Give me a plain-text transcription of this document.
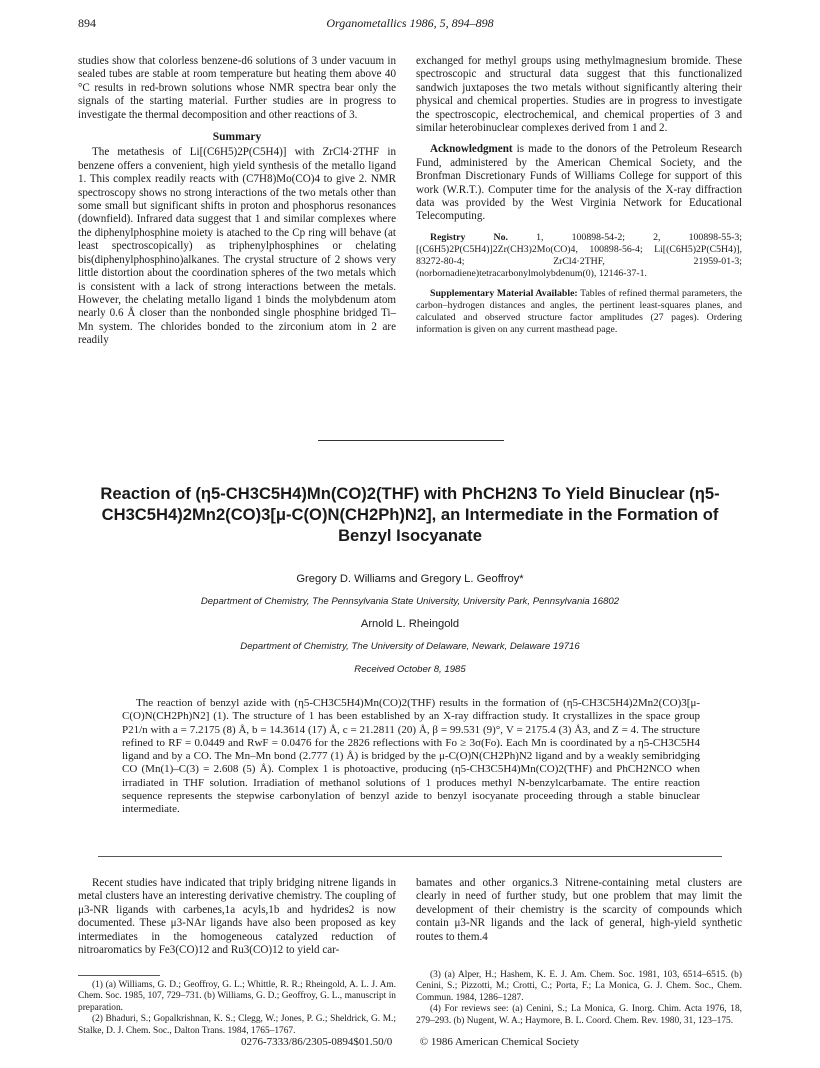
894	Organometallics 1986, 5, 894–898

studies show that colorless benzene-d6 solutions of 3 under vacuum in sealed tubes are stable at room temperature but heating them above 40 °C results in red-brown solutions whose NMR spectra bear only the signals of the starting material. Further studies are in progress to investigate the thermal decomposition and other reactions of 3.

Summary

The metathesis of Li[(C6H5)2P(C5H4)] with ZrCl4·2THF in benzene offers a convenient, high yield synthesis of the metallo ligand 1. This complex readily reacts with (C7H8)Mo(CO)4 to give 2. NMR spectroscopy shows no strong interactions of the two metals other than some small but significant shifts in proton and phosphorus resonances (downfield). Infrared data suggest that 1 and similar complexes where the diphenylphosphine moiety is atached to the Cp ring will behave (at least spectroscopically) as triphenylphosphines or chelating bis(diphenylphosphino)alkanes. The crystal structure of 2 shows very little distortion about the coordination spheres of the two metals which is consistent with a lack of strong interactions between the metals. However, the chelating metallo ligand 1 binds the molybdenum atom nearly 0.6 Å closer than the nonbonded single phosphine bridged Ti–Mn system. The chlorides bonded to the zirconium atom in 2 are readily

exchanged for methyl groups using methylmagnesium bromide. These spectroscopic and structural data suggest that this functionalized sandwich juxtaposes the two metals without significantly altering their physical and chemical properties. Studies are in progress to investigate the spectroscopic, electrochemical, and chemical properties of 3 and similar heterobinuclear complexes derived from 1 and 2.

Acknowledgment is made to the donors of the Petroleum Research Fund, administered by the American Chemical Society, and the Bronfman Discretionary Funds of Williams College for support of this work (W.R.T.). Computer time for the analysis of the X-ray diffraction data was provided by the West Virginia Network for Educational Telecomputing.

Registry No. 1, 100898-54-2; 2, 100898-55-3; [(C6H5)2P(C5H4)]2Zr(CH3)2Mo(CO)4, 100898-56-4; Li[(C6H5)2P(C5H4)], 83272-80-4; ZrCl4·2THF, 21959-01-3; (norbornadiene)tetracarbonylmolybdenum(0), 12146-37-1.

Supplementary Material Available: Tables of refined thermal parameters, the carbon–hydrogen distances and angles, the pertinent least-squares planes, and calculated and observed structure factor amplitudes (27 pages). Ordering information is given on any current masthead page.

Reaction of (η5-CH3C5H4)Mn(CO)2(THF) with PhCH2N3 To Yield Binuclear (η5-CH3C5H4)2Mn2(CO)3[μ-C(O)N(CH2Ph)N2], an Intermediate in the Formation of Benzyl Isocyanate
Gregory D. Williams and Gregory L. Geoffroy*
Department of Chemistry, The Pennsylvania State University, University Park, Pennsylvania 16802
Arnold L. Rheingold
Department of Chemistry, The University of Delaware, Newark, Delaware 19716
Received October 8, 1985

The reaction of benzyl azide with (η5-CH3C5H4)Mn(CO)2(THF) results in the formation of (η5-CH3C5H4)2Mn2(CO)3[μ-C(O)N(CH2Ph)N2] (1). The structure of 1 has been established by an X-ray diffraction study. It crystallizes in the space group P21/n with a = 7.2175 (8) Å, b = 14.3614 (17) Å, c = 21.2811 (20) Å, β = 99.531 (9)°, V = 2175.4 (3) Å3, and Z = 4. The structure refined to RF = 0.0449 and RwF = 0.0476 for the 2826 reflections with Fo ≥ 3σ(Fo). Each Mn is coordinated by a η5-CH3C5H4 ligand and by a CO. The Mn–Mn bond (2.777 (1) Å) is bridged by the μ-C(O)N(CH2Ph)N2 ligand and by a weakly semibridging CO (Mn(1)–C(3) = 2.608 (5) Å). Complex 1 is photoactive, producing (η5-CH3C5H4)Mn(CO)2(THF) and PhCH2NCO when irradiated in THF solution. Irradiation of methanol solutions of 1 produces methyl N-benzylcarbamate. The entire reaction sequence represents the stepwise carbonylation of benzyl azide to benzyl isocyanate proceeding through a stable binuclear intermediate.

Recent studies have indicated that triply bridging nitrene ligands in metal clusters have an interesting derivative chemistry. The coupling of μ3-NR ligands with carbenes,1a acyls,1b and hydrides2 is now documented. These μ3-NAr ligands have also been proposed as key intermediates in the homogeneous catalyzed reduction of nitroaromatics by Fe3(CO)12 and Ru3(CO)12 to yield car-

bamates and other organics.3 Nitrene-containing metal clusters are clearly in need of further study, but one problem that may limit the development of their chemistry is the scarcity of compounds which contain μ3-NR ligands and the lack of general, high-yield synthetic routes to them.4

(1) (a) Williams, G. D.; Geoffroy, G. L.; Whittle, R. R.; Rheingold, A. L. J. Am. Chem. Soc. 1985, 107, 729–731. (b) Williams, G. D.; Geoffroy, G. L., manuscript in preparation.

(2) Bhaduri, S.; Gopalkrishnan, K. S.; Clegg, W.; Jones, P. G.; Sheldrick, G. M.; Stalke, D. J. Chem. Soc., Dalton Trans. 1984, 1765–1767.

(3) (a) Alper, H.; Hashem, K. E. J. Am. Chem. Soc. 1981, 103, 6514–6515. (b) Cenini, S.; Pizzotti, M.; Crotti, C.; Porta, F.; La Monica, G. J. Chem. Soc., Chem. Commun. 1984, 1286–1287.

(4) For reviews see: (a) Cenini, S.; La Monica, G. Inorg. Chim. Acta 1976, 18, 279–293. (b) Nugent, W. A.; Haymore, B. L. Coord. Chem. Rev. 1980, 31, 123–175.

0276-7333/86/2305-0894$01.50/0	© 1986 American Chemical Society
